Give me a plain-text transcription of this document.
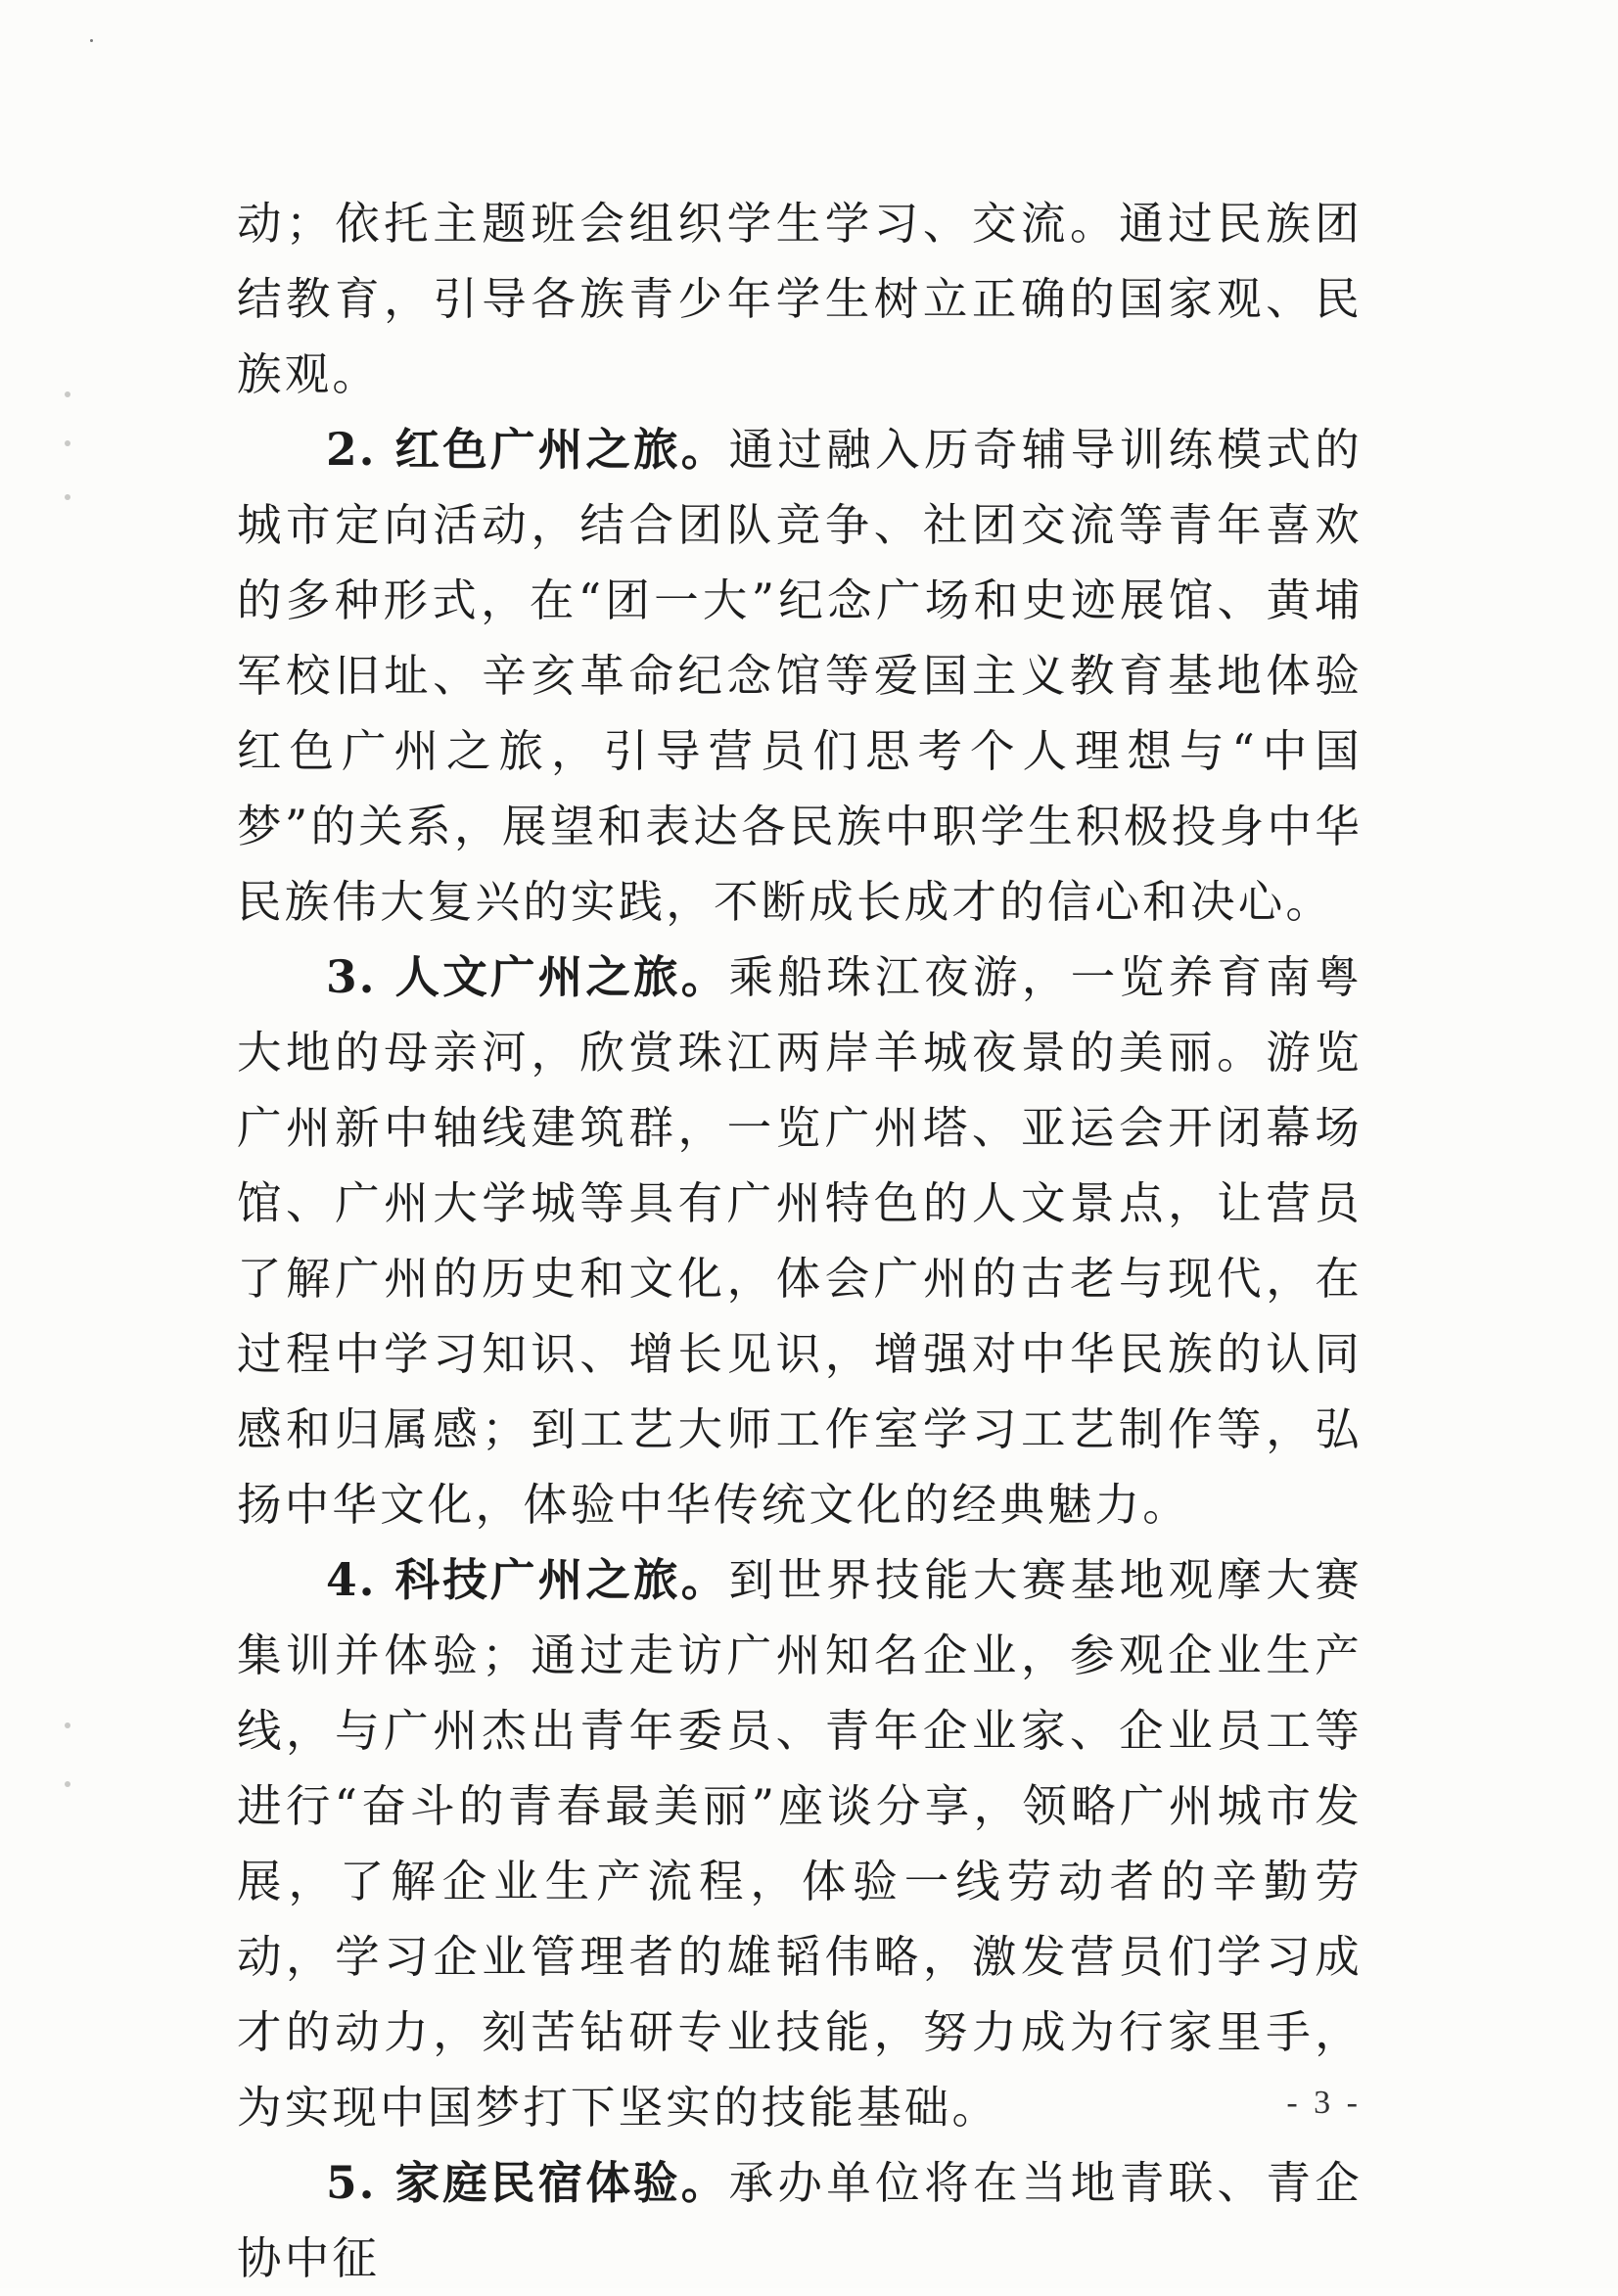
动；依托主题班会组织学生学习、交流。通过民族团结教育，引导各族青少年学生树立正确的国家观、民族观。

2. 红色广州之旅。通过融入历奇辅导训练模式的城市定向活动，结合团队竞争、社团交流等青年喜欢的多种形式，在“团一大”纪念广场和史迹展馆、黄埔军校旧址、辛亥革命纪念馆等爱国主义教育基地体验红色广州之旅，引导营员们思考个人理想与“中国梦”的关系，展望和表达各民族中职学生积极投身中华民族伟大复兴的实践，不断成长成才的信心和决心。

3. 人文广州之旅。乘船珠江夜游，一览养育南粤大地的母亲河，欣赏珠江两岸羊城夜景的美丽。游览广州新中轴线建筑群，一览广州塔、亚运会开闭幕场馆、广州大学城等具有广州特色的人文景点，让营员了解广州的历史和文化，体会广州的古老与现代，在过程中学习知识、增长见识，增强对中华民族的认同感和归属感；到工艺大师工作室学习工艺制作等，弘扬中华文化，体验中华传统文化的经典魅力。

4. 科技广州之旅。到世界技能大赛基地观摩大赛集训并体验；通过走访广州知名企业，参观企业生产线，与广州杰出青年委员、青年企业家、企业员工等进行“奋斗的青春最美丽”座谈分享，领略广州城市发展，了解企业生产流程，体验一线劳动者的辛勤劳动，学习企业管理者的雄韬伟略，激发营员们学习成才的动力，刻苦钻研专业技能，努力成为行家里手，为实现中国梦打下坚实的技能基础。

5. 家庭民宿体验。承办单位将在当地青联、青企协中征

- 3 -
